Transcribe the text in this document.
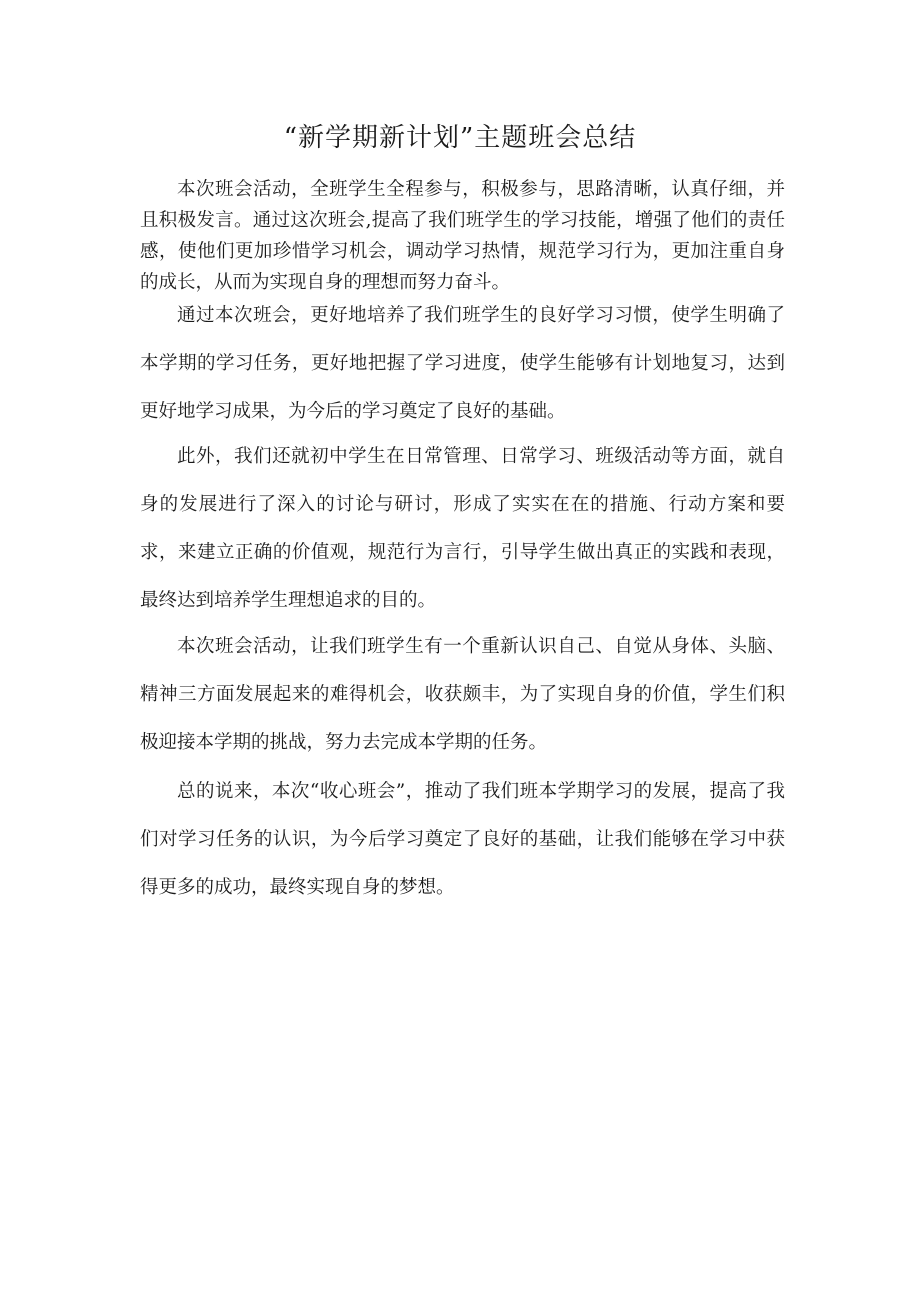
“新学期新计划”主题班会总结

本次班会活动，全班学生全程参与，积极参与，思路清晰，认真仔细，并且积极发言。通过这次班会,提高了我们班学生的学习技能，增强了他们的责任感，使他们更加珍惜学习机会，调动学习热情，规范学习行为，更加注重自身的成长，从而为实现自身的理想而努力奋斗。

通过本次班会，更好地培养了我们班学生的良好学习习惯，使学生明确了本学期的学习任务，更好地把握了学习进度，使学生能够有计划地复习，达到更好地学习成果，为今后的学习奠定了良好的基础。

此外，我们还就初中学生在日常管理、日常学习、班级活动等方面，就自身的发展进行了深入的讨论与研讨，形成了实实在在的措施、行动方案和要求，来建立正确的价值观，规范行为言行，引导学生做出真正的实践和表现，最终达到培养学生理想追求的目的。

本次班会活动，让我们班学生有一个重新认识自己、自觉从身体、头脑、精神三方面发展起来的难得机会，收获颇丰，为了实现自身的价值，学生们积极迎接本学期的挑战，努力去完成本学期的任务。

总的说来，本次“收心班会”，推动了我们班本学期学习的发展，提高了我们对学习任务的认识，为今后学习奠定了良好的基础，让我们能够在学习中获得更多的成功，最终实现自身的梦想。
